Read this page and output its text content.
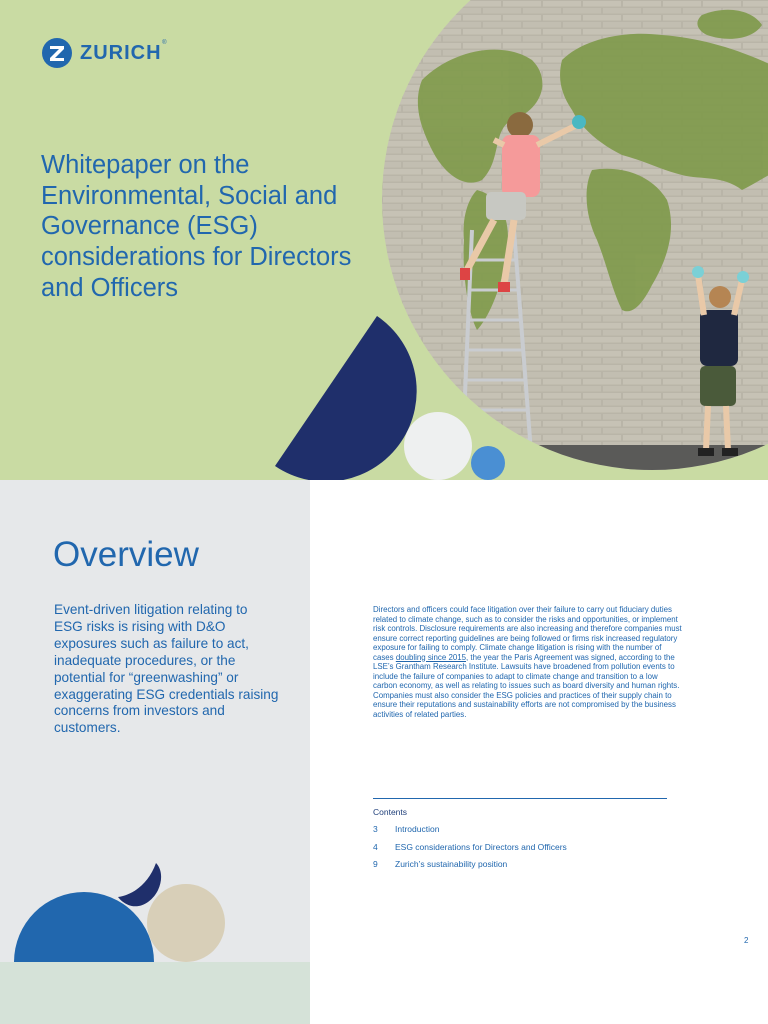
ZURICH ®
Whitepaper on the Environmental, Social and Governance (ESG) considerations for Directors and Officers
Overview

Event-driven litigation relating to ESG risks is rising with D&O exposures such as failure to act, inadequate procedures, or the potential for “greenwashing” or exaggerating ESG credentials raising concerns from investors and customers.

Directors and officers could face litigation over their failure to carry out fiduciary duties related to climate change, such as to consider the risks and opportunities, or implement risk controls. Disclosure requirements are also increasing and therefore companies must ensure correct reporting guidelines are being followed or firms risk increased regulatory exposure for failing to comply. Climate change litigation is rising with the number of cases doubling since 2015, the year the Paris Agreement was signed, according to the LSE’s Grantham Research Institute. Lawsuits have broadened from pollution events to include the failure of companies to adapt to climate change and transition to a low carbon economy, as well as relating to issues such as board diversity and human rights. Companies must also consider the ESG policies and practices of their supply chain to ensure their reputations and sustainability efforts are not compromised by the business activities of related parties.

Contents
3	Introduction
4	ESG considerations for Directors and Officers
9	Zurich’s sustainability position
2
